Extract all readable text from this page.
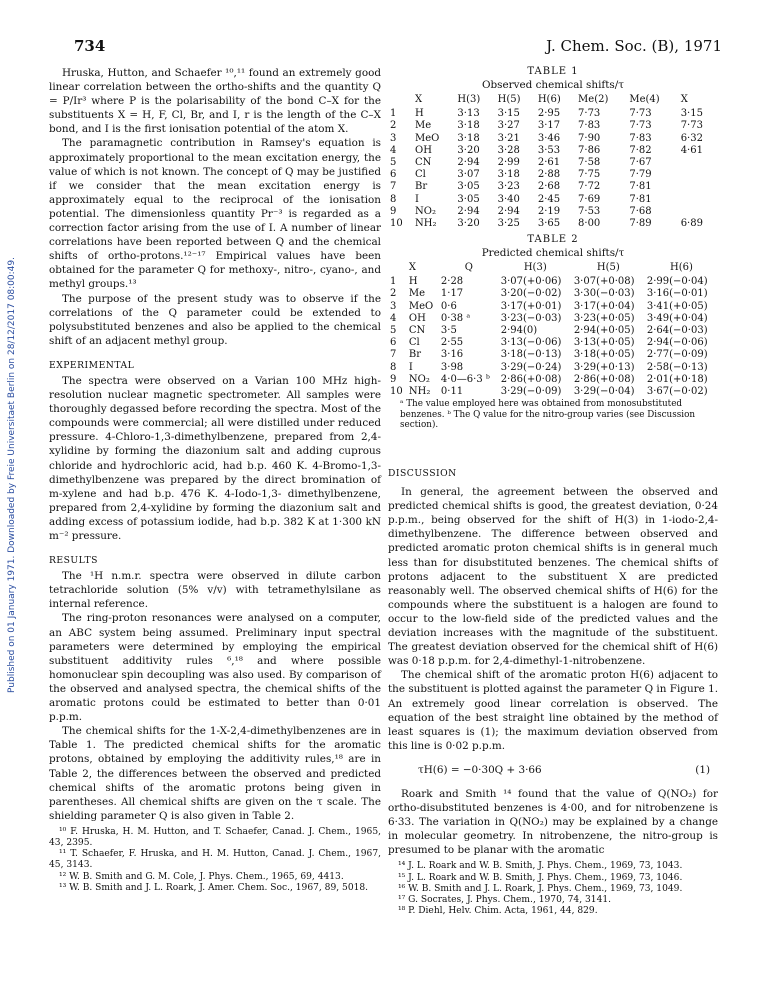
734	J. Chem. Soc. (B), 1971
Published on 01 January 1971. Downloaded by Freie Universitaet Berlin on 28/12/2017 08:00:49.

Hruska, Hutton, and Schaefer ¹⁰,¹¹ found an extremely good linear correlation between the ortho-shifts and the quantity Q = P/Ir³ where P is the polarisability of the bond C–X for the substituents X = H, F, Cl, Br, and I, r is the length of the C–X bond, and I is the first ionisation potential of the atom X.

The paramagnetic contribution in Ramsey's equation is approximately proportional to the mean excitation energy, the value of which is not known. The concept of Q may be justified if we consider that the mean excitation energy is approximately equal to the reciprocal of the ionisation potential. The dimensionless quantity Pr⁻³ is regarded as a correction factor arising from the use of I. A number of linear correlations have been reported between Q and the chemical shifts of ortho-protons.¹²⁻¹⁷ Empirical values have been obtained for the parameter Q for methoxy-, nitro-, cyano-, and methyl groups.¹³

The purpose of the present study was to observe if the correlations of the Q parameter could be extended to polysubstituted benzenes and also be applied to the chemical shift of an adjacent methyl group.

EXPERIMENTAL

The spectra were observed on a Varian 100 MHz high-resolution nuclear magnetic spectrometer. All samples were thoroughly degassed before recording the spectra. Most of the compounds were commercial; all were distilled under reduced pressure. 4-Chloro-1,3-dimethylbenzene, prepared from 2,4-xylidine by forming the diazonium salt and adding cuprous chloride and hydrochloric acid, had b.p. 460 K. 4-Bromo-1,3-dimethylbenzene was prepared by the direct bromination of m-xylene and had b.p. 476 K. 4-Iodo-1,3- dimethylbenzene, prepared from 2,4-xylidine by forming the diazonium salt and adding excess of potassium iodide, had b.p. 382 K at 1·300 kN m⁻² pressure.

RESULTS

The ¹H n.m.r. spectra were observed in dilute carbon tetrachloride solution (5% v/v) with tetramethylsilane as internal reference.

The ring-proton resonances were analysed on a computer, an ABC system being assumed. Preliminary input spectral parameters were determined by employing the empirical substituent additivity rules ⁶,¹⁸ and where possible homonuclear spin decoupling was also used. By comparison of the observed and analysed spectra, the chemical shifts of the aromatic protons could be estimated to better than 0·01 p.p.m.

The chemical shifts for the 1-X-2,4-dimethylbenzenes are in Table 1. The predicted chemical shifts for the aromatic protons, obtained by employing the additivity rules,¹⁸ are in Table 2, the differences between the observed and predicted chemical shifts of the aromatic protons being given in parentheses. All chemical shifts are given on the τ scale. The shielding parameter Q is also given in Table 2.

¹⁰ F. Hruska, H. M. Hutton, and T. Schaefer, Canad. J. Chem., 1965, 43, 2395.
¹¹ T. Schaefer, F. Hruska, and H. M. Hutton, Canad. J. Chem., 1967, 45, 3143.
¹² W. B. Smith and G. M. Cole, J. Phys. Chem., 1965, 69, 4413.
¹³ W. B. Smith and J. L. Roark, J. Amer. Chem. Soc., 1967, 89, 5018.
TABLE 1
Observed chemical shifts/τ
	X	H(3)	H(5)	H(6)	Me(2)	Me(4)	X
1	H	3·13	3·15	2·95	7·73	7·73	3·15
2	Me	3·18	3·27	3·17	7·83	7·73	7·73
3	MeO	3·18	3·21	3·46	7·90	7·83	6·32
4	OH	3·20	3·28	3·53	7·86	7·82	4·61
5	CN	2·94	2·99	2·61	7·58	7·67	
6	Cl	3·07	3·18	2·88	7·75	7·79	
7	Br	3·05	3·23	2·68	7·72	7·81	
8	I	3·05	3·40	2·45	7·69	7·81	
9	NO₂	2·94	2·94	2·19	7·53	7·68	
10	NH₂	3·20	3·25	3·65	8·00	7·89	6·89
TABLE 2
Predicted chemical shifts/τ
	X	Q	H(3)	H(5)	H(6)
1	H	2·28	3·07(+0·06)	3·07(+0·08)	2·99(−0·04)
2	Me	1·17	3·20(−0·02)	3·30(−0·03)	3·16(−0·01)
3	MeO	0·6	3·17(+0·01)	3·17(+0·04)	3·41(+0·05)
4	OH	0·38 ᵃ	3·23(−0·03)	3·23(+0·05)	3·49(+0·04)
5	CN	3·5	2·94(0)	2·94(+0·05)	2·64(−0·03)
6	Cl	2·55	3·13(−0·06)	3·13(+0·05)	2·94(−0·06)
7	Br	3·16	3·18(−0·13)	3·18(+0·05)	2·77(−0·09)
8	I	3·98	3·29(−0·24)	3·29(+0·13)	2·58(−0·13)
9	NO₂	4·0—6·3 ᵇ	2·86(+0·08)	2·86(+0·08)	2·01(+0·18)
10	NH₂	0·11	3·29(−0·09)	3·29(−0·04)	3·67(−0·02)
ᵃ The value employed here was obtained from monosubstituted benzenes. ᵇ The Q value for the nitro-group varies (see Discussion section).
DISCUSSION

In general, the agreement between the observed and predicted chemical shifts is good, the greatest deviation, 0·24 p.p.m., being observed for the shift of H(3) in 1-iodo-2,4-dimethylbenzene. The difference between observed and predicted aromatic proton chemical shifts is in general much less than for disubstituted benzenes. The chemical shifts of protons adjacent to the substituent X are predicted reasonably well. The observed chemical shifts of H(6) for the compounds where the substituent is a halogen are found to occur to the low-field side of the predicted values and the deviation increases with the magnitude of the substituent. The greatest deviation observed for the chemical shift of H(6) was 0·18 p.p.m. for 2,4-dimethyl-1-nitrobenzene.

The chemical shift of the aromatic proton H(6) adjacent to the substituent is plotted against the parameter Q in Figure 1. An extremely good linear correlation is observed. The equation of the best straight line obtained by the method of least squares is (1); the maximum deviation observed from this line is 0·02 p.p.m.

τH(6) = −0·30Q + 3·66	(1)

Roark and Smith ¹⁴ found that the value of Q(NO₂) for ortho-disubstituted benzenes is 4·00, and for nitrobenzene is 6·33. The variation in Q(NO₂) may be explained by a change in molecular geometry. In nitrobenzene, the nitro-group is presumed to be planar with the aromatic

¹⁴ J. L. Roark and W. B. Smith, J. Phys. Chem., 1969, 73, 1043.
¹⁵ J. L. Roark and W. B. Smith, J. Phys. Chem., 1969, 73, 1046.
¹⁶ W. B. Smith and J. L. Roark, J. Phys. Chem., 1969, 73, 1049.
¹⁷ G. Socrates, J. Phys. Chem., 1970, 74, 3141.
¹⁸ P. Diehl, Helv. Chim. Acta, 1961, 44, 829.
